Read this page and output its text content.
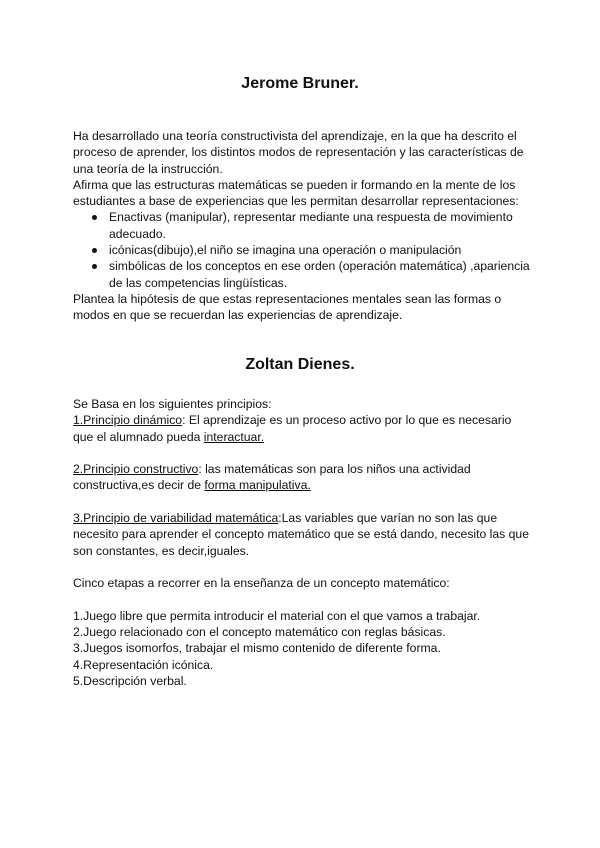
Jerome Bruner.

Ha desarrollado una teoría constructivista del aprendizaje, en la que ha descrito el proceso de aprender, los distintos modos de representación y las características de una teoría de la instrucción.

Afirma que las estructuras matemáticas se pueden ir formando en la mente de los estudiantes a base de experiencias que les permitan desarrollar representaciones:

Enactivas (manipular), representar mediante una respuesta de movimiento adecuado.
icónicas(dibujo),el niño se imagina una operación o manipulación
simbólicas de los conceptos en ese orden (operación matemática) ,apariencia de las competencias lingüísticas.

Plantea la hipótesis de que estas representaciones mentales sean las formas o modos en que se recuerdan las experiencias de aprendizaje.

Zoltan Dienes.

Se Basa en los siguientes principios:

1.Principio dinámico: El aprendizaje es un proceso activo por lo que es necesario que el alumnado pueda interactuar.

2.Principio constructivo: las matemáticas son para los niños una actividad constructiva,es decir de forma manipulativa.

3.Principio de variabilidad matemática:Las variables que varían no son las que necesito para aprender el concepto matemático que se está dando, necesito las que son constantes, es decir,iguales.

Cinco etapas a recorrer en la enseñanza de un concepto matemático:

1.Juego libre que permita introducir el material con el que vamos a trabajar.

2.Juego relacionado con el concepto matemático con reglas básicas.

3.Juegos isomorfos, trabajar el mismo contenido de diferente forma.

4.Representación icónica.

5.Descripción verbal.
